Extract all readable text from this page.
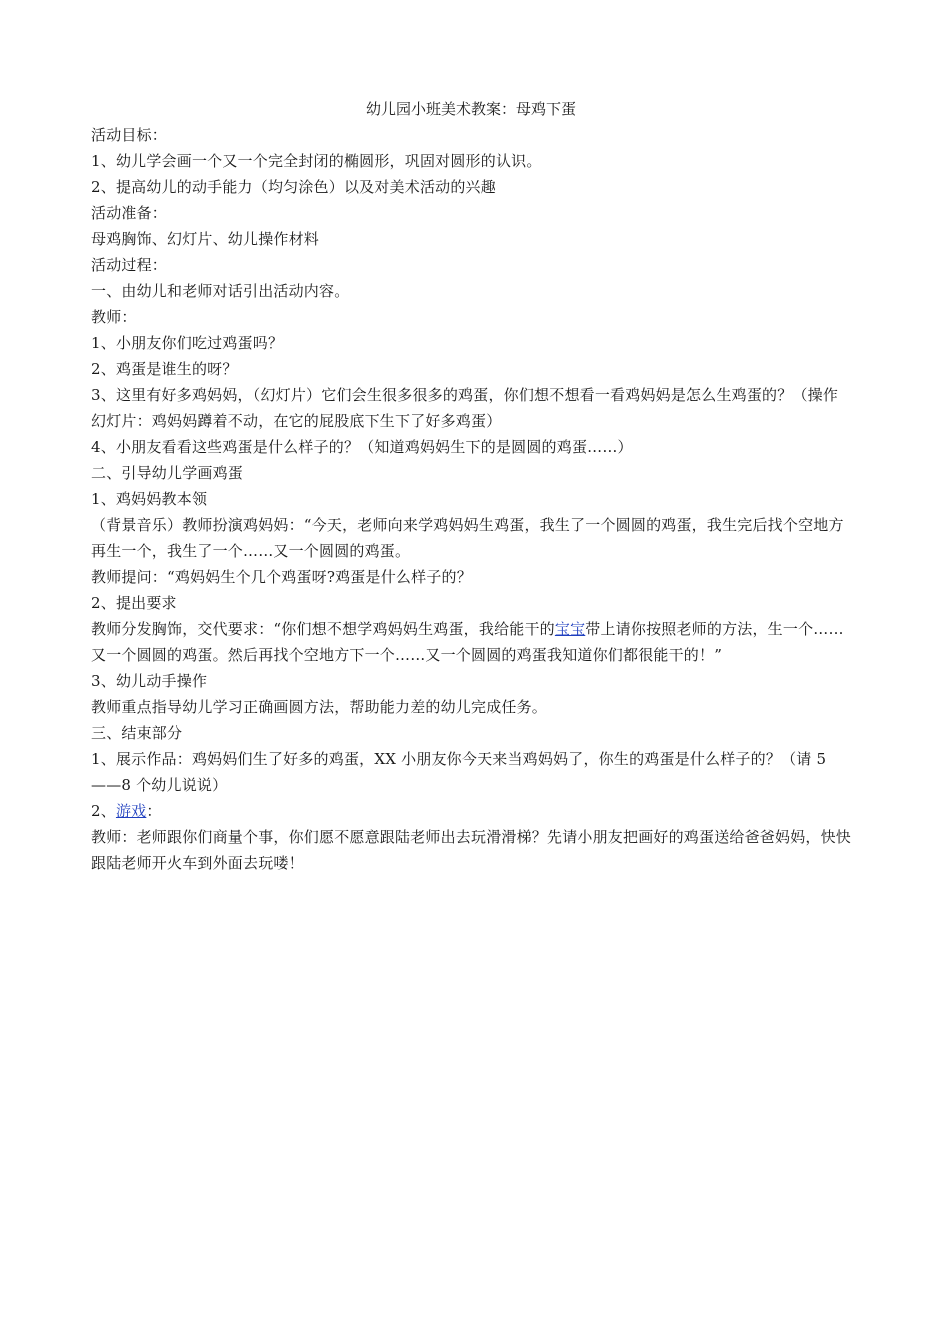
幼儿园小班美术教案：母鸡下蛋

活动目标：

1、幼儿学会画一个又一个完全封闭的椭圆形，巩固对圆形的认识。

2、提高幼儿的动手能力（均匀涂色）以及对美术活动的兴趣

活动准备：

母鸡胸饰、幻灯片、幼儿操作材料

活动过程：

一、由幼儿和老师对话引出活动内容。

教师：

1、小朋友你们吃过鸡蛋吗？

2、鸡蛋是谁生的呀？

3、这里有好多鸡妈妈，（幻灯片）它们会生很多很多的鸡蛋，你们想不想看一看鸡妈妈是怎么生鸡蛋的？（操作幻灯片：鸡妈妈蹲着不动，在它的屁股底下生下了好多鸡蛋）

4、小朋友看看这些鸡蛋是什么样子的？（知道鸡妈妈生下的是圆圆的鸡蛋……）

二、引导幼儿学画鸡蛋

1、鸡妈妈教本领

（背景音乐）教师扮演鸡妈妈：“今天，老师向来学鸡妈妈生鸡蛋，我生了一个圆圆的鸡蛋，我生完后找个空地方再生一个，我生了一个……又一个圆圆的鸡蛋。

教师提问：“鸡妈妈生个几个鸡蛋呀?鸡蛋是什么样子的？

2、提出要求

教师分发胸饰，交代要求：“你们想不想学鸡妈妈生鸡蛋，我给能干的宝宝带上请你按照老师的方法，生一个……又一个圆圆的鸡蛋。然后再找个空地方下一个……又一个圆圆的鸡蛋我知道你们都很能干的！”

3、幼儿动手操作

教师重点指导幼儿学习正确画圆方法，帮助能力差的幼儿完成任务。

三、结束部分

1、展示作品：鸡妈妈们生了好多的鸡蛋，XX 小朋友你今天来当鸡妈妈了，你生的鸡蛋是什么样子的？（请 5——8 个幼儿说说）

2、游戏：

教师：老师跟你们商量个事，你们愿不愿意跟陆老师出去玩滑滑梯？先请小朋友把画好的鸡蛋送给爸爸妈妈，快快跟陆老师开火车到外面去玩喽！
